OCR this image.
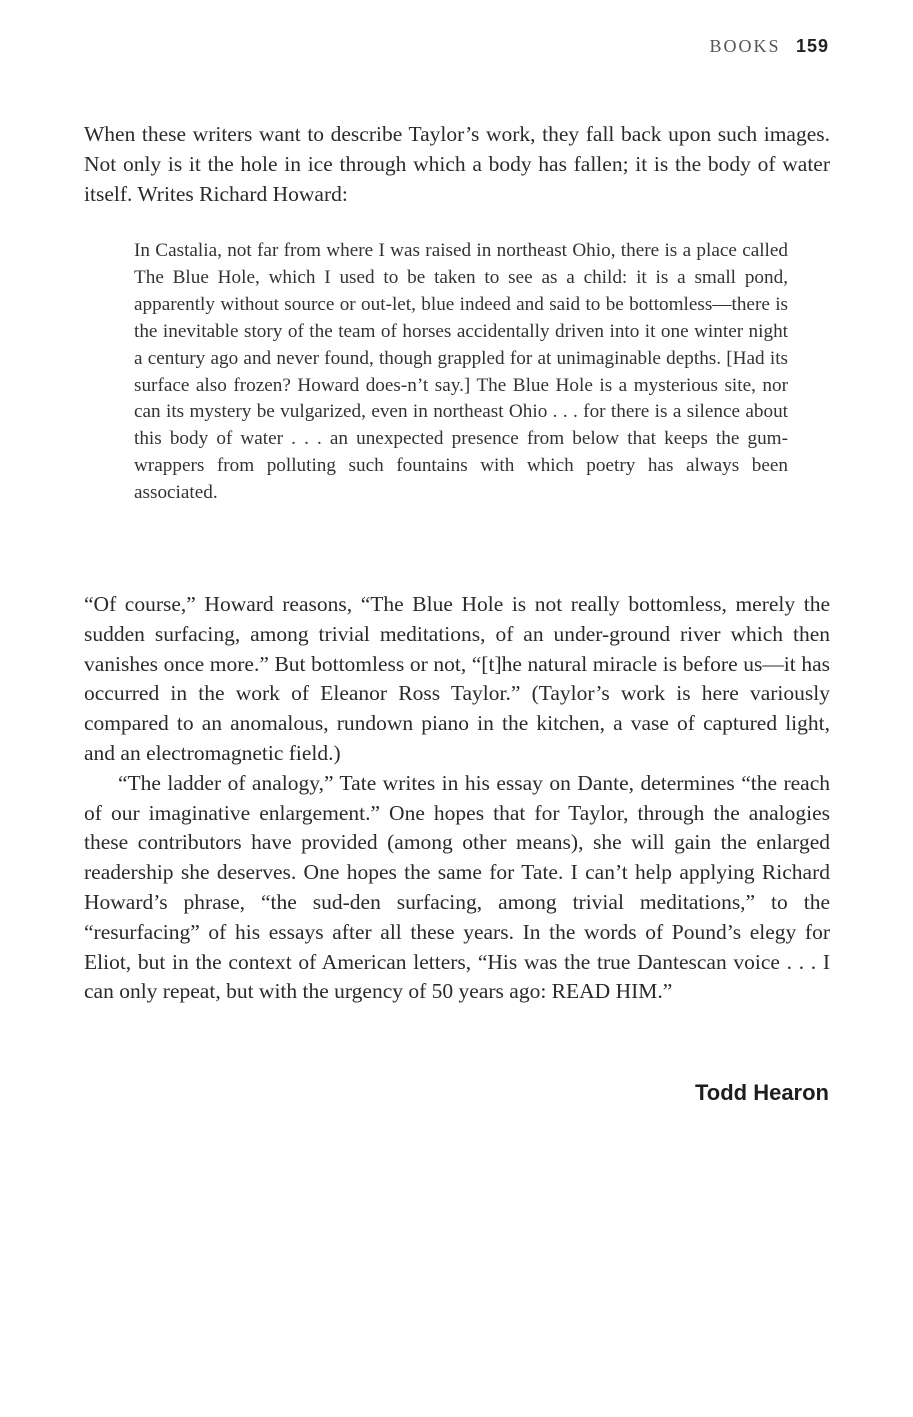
BOOKS 159

When these writers want to describe Taylor’s work, they fall back upon such images. Not only is it the hole in ice through which a body has fallen; it is the body of water itself. Writes Richard Howard:

In Castalia, not far from where I was raised in northeast Ohio, there is a place called The Blue Hole, which I used to be taken to see as a child: it is a small pond, apparently without source or out-let, blue indeed and said to be bottomless—there is the inevitable story of the team of horses accidentally driven into it one winter night a century ago and never found, though grappled for at unimaginable depths. [Had its surface also frozen? Howard does-n’t say.] The Blue Hole is a mysterious site, nor can its mystery be vulgarized, even in northeast Ohio . . . for there is a silence about this body of water . . . an unexpected presence from below that keeps the gum-wrappers from polluting such fountains with which poetry has always been associated.

“Of course,” Howard reasons, “The Blue Hole is not really bottomless, merely the sudden surfacing, among trivial meditations, of an under-ground river which then vanishes once more.” But bottomless or not, “[t]he natural miracle is before us—it has occurred in the work of Eleanor Ross Taylor.” (Taylor’s work is here variously compared to an anomalous, rundown piano in the kitchen, a vase of captured light, and an electromagnetic field.)

“The ladder of analogy,” Tate writes in his essay on Dante, determines “the reach of our imaginative enlargement.” One hopes that for Taylor, through the analogies these contributors have provided (among other means), she will gain the enlarged readership she deserves. One hopes the same for Tate. I can’t help applying Richard Howard’s phrase, “the sud-den surfacing, among trivial meditations,” to the “resurfacing” of his essays after all these years. In the words of Pound’s elegy for Eliot, but in the context of American letters, “His was the true Dantescan voice . . . I can only repeat, but with the urgency of 50 years ago: READ HIM.”

Todd Hearon
